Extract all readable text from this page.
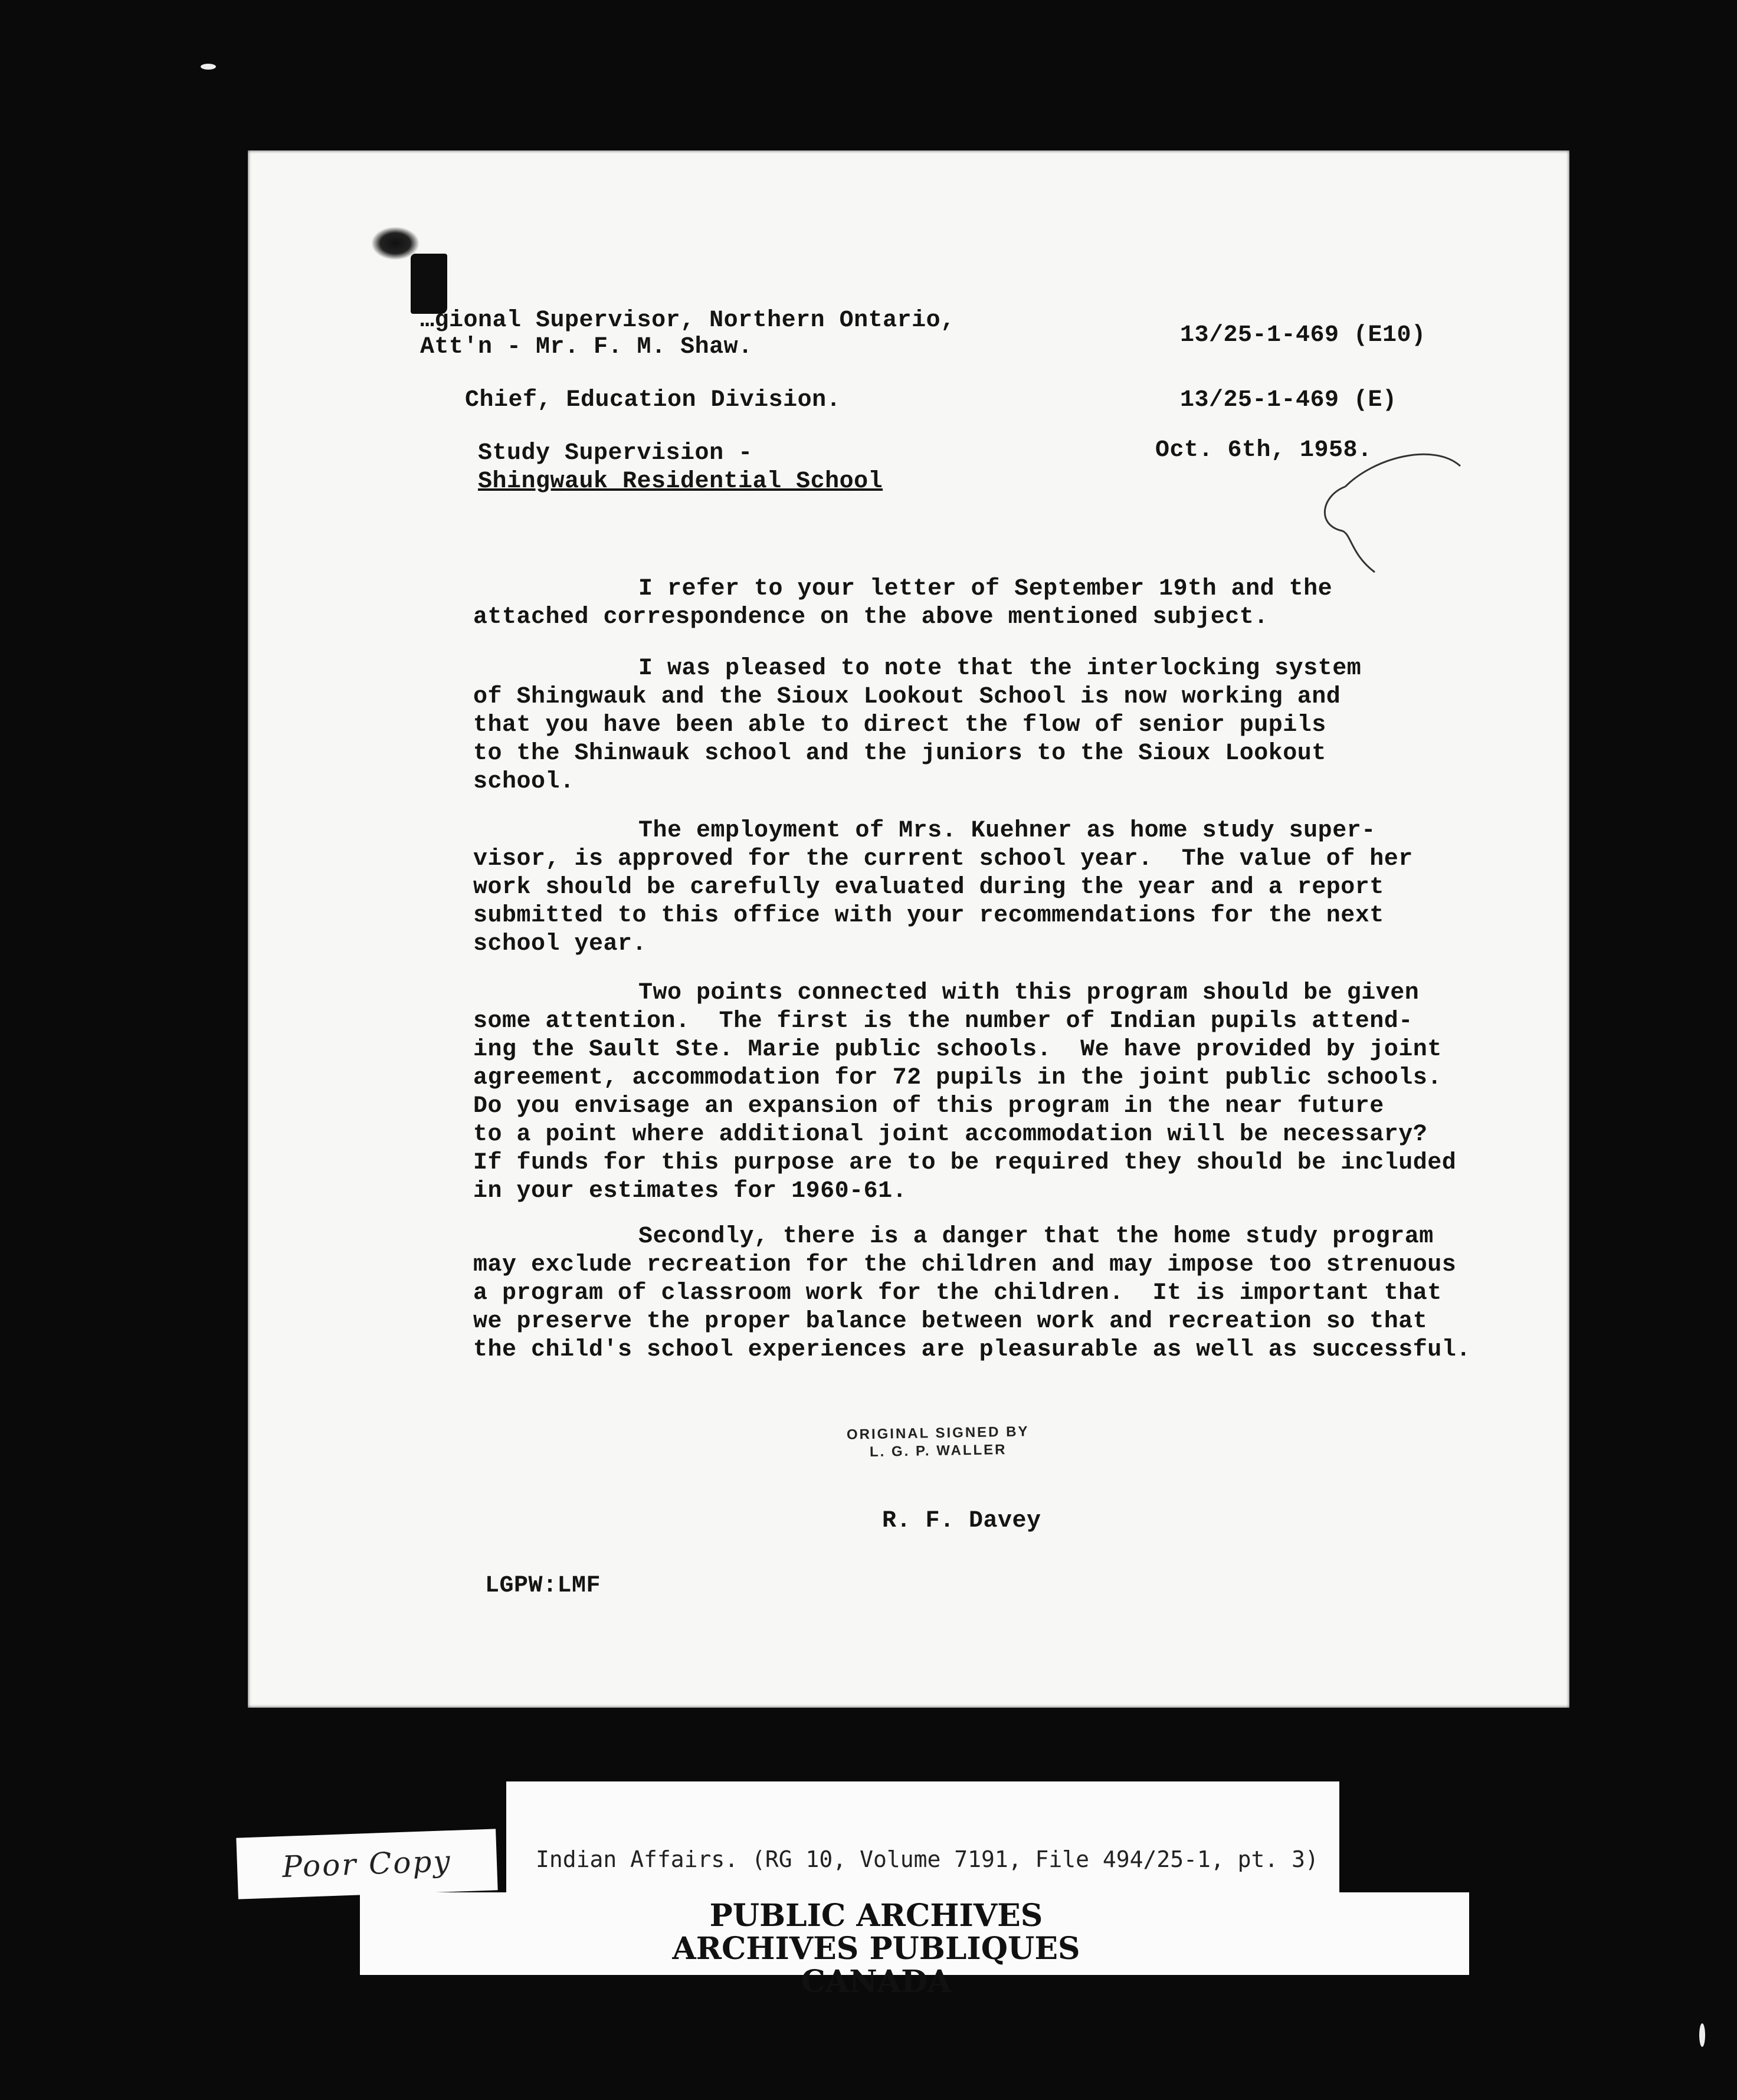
…gional Supervisor, Northern Ontario,
Att'n - Mr. F. M. Shaw.	13/25-1-469 (E10)
Chief, Education Division.	13/25-1-469 (E)
Study Supervision -
Shingwauk Residential School
Oct. 6th, 1958.
I refer to your letter of September 19th and the
attached correspondence on the above mentioned subject.
I was pleased to note that the interlocking system
of Shingwauk and the Sioux Lookout School is now working and
that you have been able to direct the flow of senior pupils
to the Shinwauk school and the juniors to the Sioux Lookout
school.
The employment of Mrs. Kuehner as home study super-
visor, is approved for the current school year.  The value of her
work should be carefully evaluated during the year and a report
submitted to this office with your recommendations for the next
school year.
Two points connected with this program should be given
some attention.  The first is the number of Indian pupils attend-
ing the Sault Ste. Marie public schools.  We have provided by joint
agreement, accommodation for 72 pupils in the joint public schools.
Do you envisage an expansion of this program in the near future
to a point where additional joint accommodation will be necessary?
If funds for this purpose are to be required they should be included
in your estimates for 1960-61.
Secondly, there is a danger that the home study program
may exclude recreation for the children and may impose too strenuous
a program of classroom work for the children.  It is important that
we preserve the proper balance between work and recreation so that
the child's school experiences are pleasurable as well as successful.
ORIGINAL SIGNED BY
L. G. P. WALLER
R. F. Davey
LGPW:LMF
Indian Affairs. (RG 10, Volume 7191, File 494/25-1, pt. 3)
PUBLIC ARCHIVES
ARCHIVES PUBLIQUES
CANADA
Poor Copy
